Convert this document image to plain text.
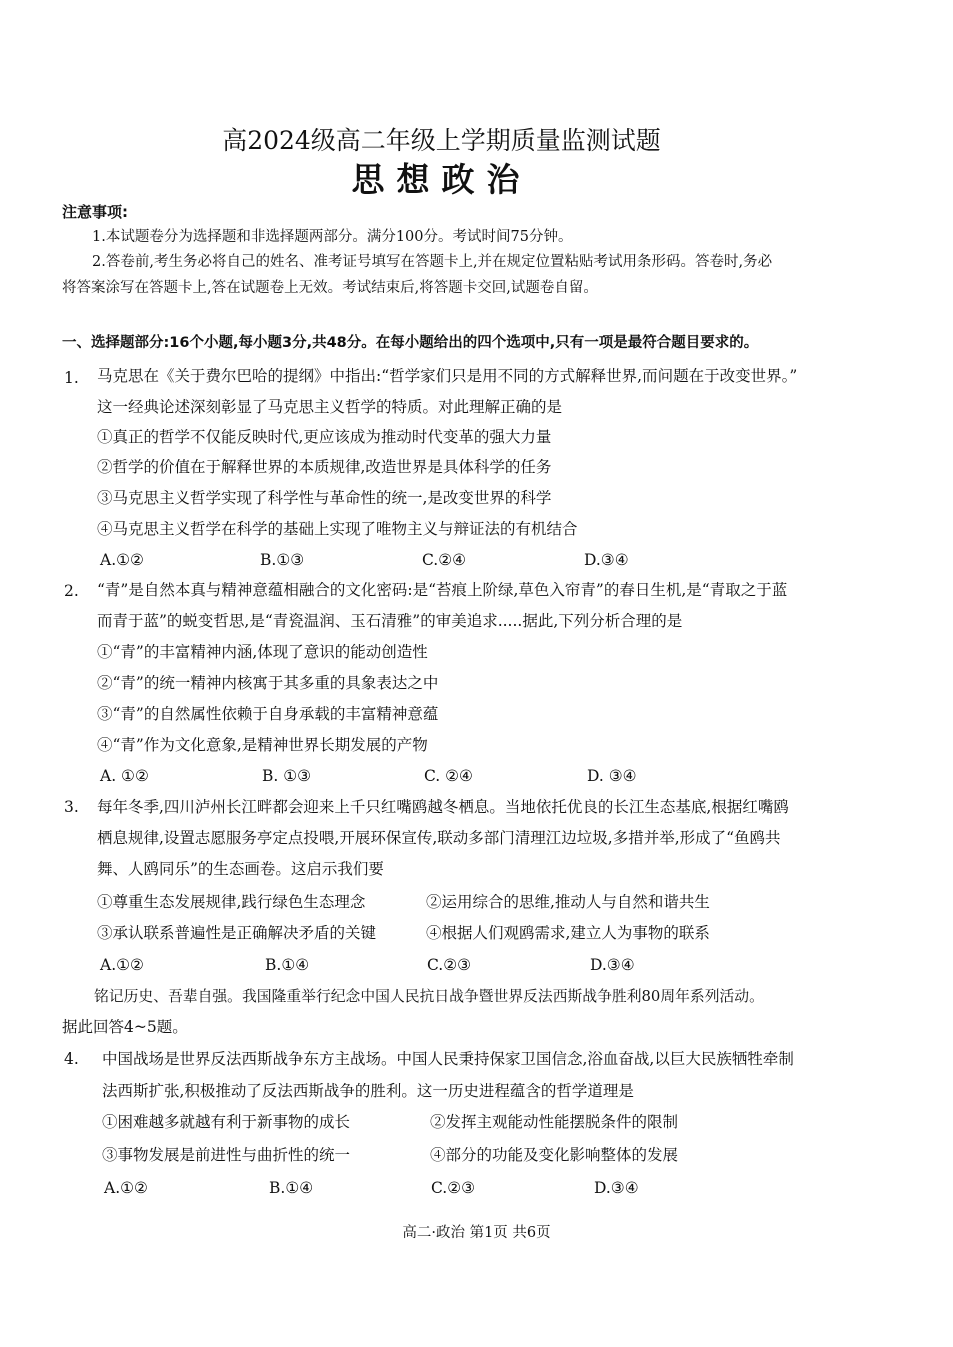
高2024级高二年级上学期质量监测试题
思想政治
注意事项:
1.本试题卷分为选择题和非选择题两部分。满分100分。考试时间75分钟。
2.答卷前,考生务必将自己的姓名、准考证号填写在答题卡上,并在规定位置粘贴考试用条形码。答卷时,务必
将答案涂写在答题卡上,答在试题卷上无效。考试结束后,将答题卡交回,试题卷自留。
一、选择题部分:16个小题,每小题3分,共48分。在每小题给出的四个选项中,只有一项是最符合题目要求的。
1. 马克思在《关于费尔巴哈的提纲》中指出:“哲学家们只是用不同的方式解释世界,而问题在于改变世界。”
这一经典论述深刻彰显了马克思主义哲学的特质。对此理解正确的是
①真正的哲学不仅能反映时代,更应该成为推动时代变革的强大力量
②哲学的价值在于解释世界的本质规律,改造世界是具体科学的任务
③马克思主义哲学实现了科学性与革命性的统一,是改变世界的科学
④马克思主义哲学在科学的基础上实现了唯物主义与辩证法的有机结合
A.①②	B.①③	C.②④	D.③④
2. “青”是自然本真与精神意蕴相融合的文化密码:是“苔痕上阶绿,草色入帘青”的春日生机,是“青取之于蓝
而青于蓝”的蜕变哲思,是“青瓷温润、玉石清雅”的审美追求.....据此,下列分析合理的是
①“青”的丰富精神内涵,体现了意识的能动创造性
②“青”的统一精神内核寓于其多重的具象表达之中
③“青”的自然属性依赖于自身承载的丰富精神意蕴
④“青”作为文化意象,是精神世界长期发展的产物
A. ①②	B. ①③	C. ②④	D. ③④
3. 每年冬季,四川泸州长江畔都会迎来上千只红嘴鸥越冬栖息。当地依托优良的长江生态基底,根据红嘴鸥
栖息规律,设置志愿服务亭定点投喂,开展环保宣传,联动多部门清理江边垃圾,多措并举,形成了“鱼鸥共
舞、人鸥同乐”的生态画卷。这启示我们要
①尊重生态发展规律,践行绿色生态理念	②运用综合的思维,推动人与自然和谐共生
③承认联系普遍性是正确解决矛盾的关键	④根据人们观鸥需求,建立人为事物的联系
A.①②	B.①④	C.②③	D.③④
铭记历史、吾辈自强。我国隆重举行纪念中国人民抗日战争暨世界反法西斯战争胜利80周年系列活动。
据此回答4~5题。
4. 中国战场是世界反法西斯战争东方主战场。中国人民秉持保家卫国信念,浴血奋战,以巨大民族牺牲牵制
法西斯扩张,积极推动了反法西斯战争的胜利。这一历史进程蕴含的哲学道理是
①困难越多就越有利于新事物的成长	②发挥主观能动性能摆脱条件的限制
③事物发展是前进性与曲折性的统一	④部分的功能及变化影响整体的发展
A.①②	B.①④	C.②③	D.③④
高二·政治 第1页 共6页
